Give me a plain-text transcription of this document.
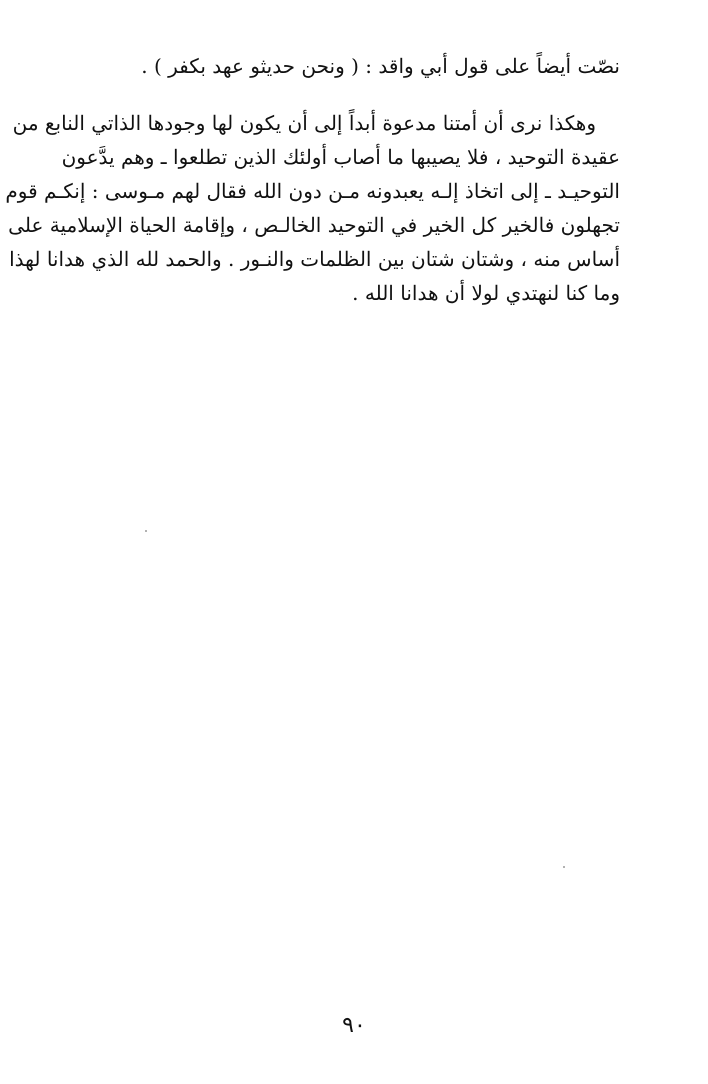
نصّت أيضاً على قول أبي واقد : ( ونحن حديثو عهد بكفر ) .
وهكذا نرى أن أمتنا مدعوة أبداً إلى أن يكون لها وجودها الذاتي النابع من
عقيدة التوحيد ، فلا يصيبها ما أصاب أولئك الذين تطلعوا ـ وهم يدَّعون
التوحيـد ـ إلى اتخاذ إلـه يعبدونه مـن دون الله فقال لهم مـوسى : إنكـم قوم
تجهلون فالخير كل الخير في التوحيد الخالـص ، وإقامة الحياة الإسلامية على
أساس منه ، وشتان شتان بين الظلمات والنـور . والحمد لله الذي هدانا لهذا
وما كنا لنهتدي لولا أن هدانا الله .
٩٠
